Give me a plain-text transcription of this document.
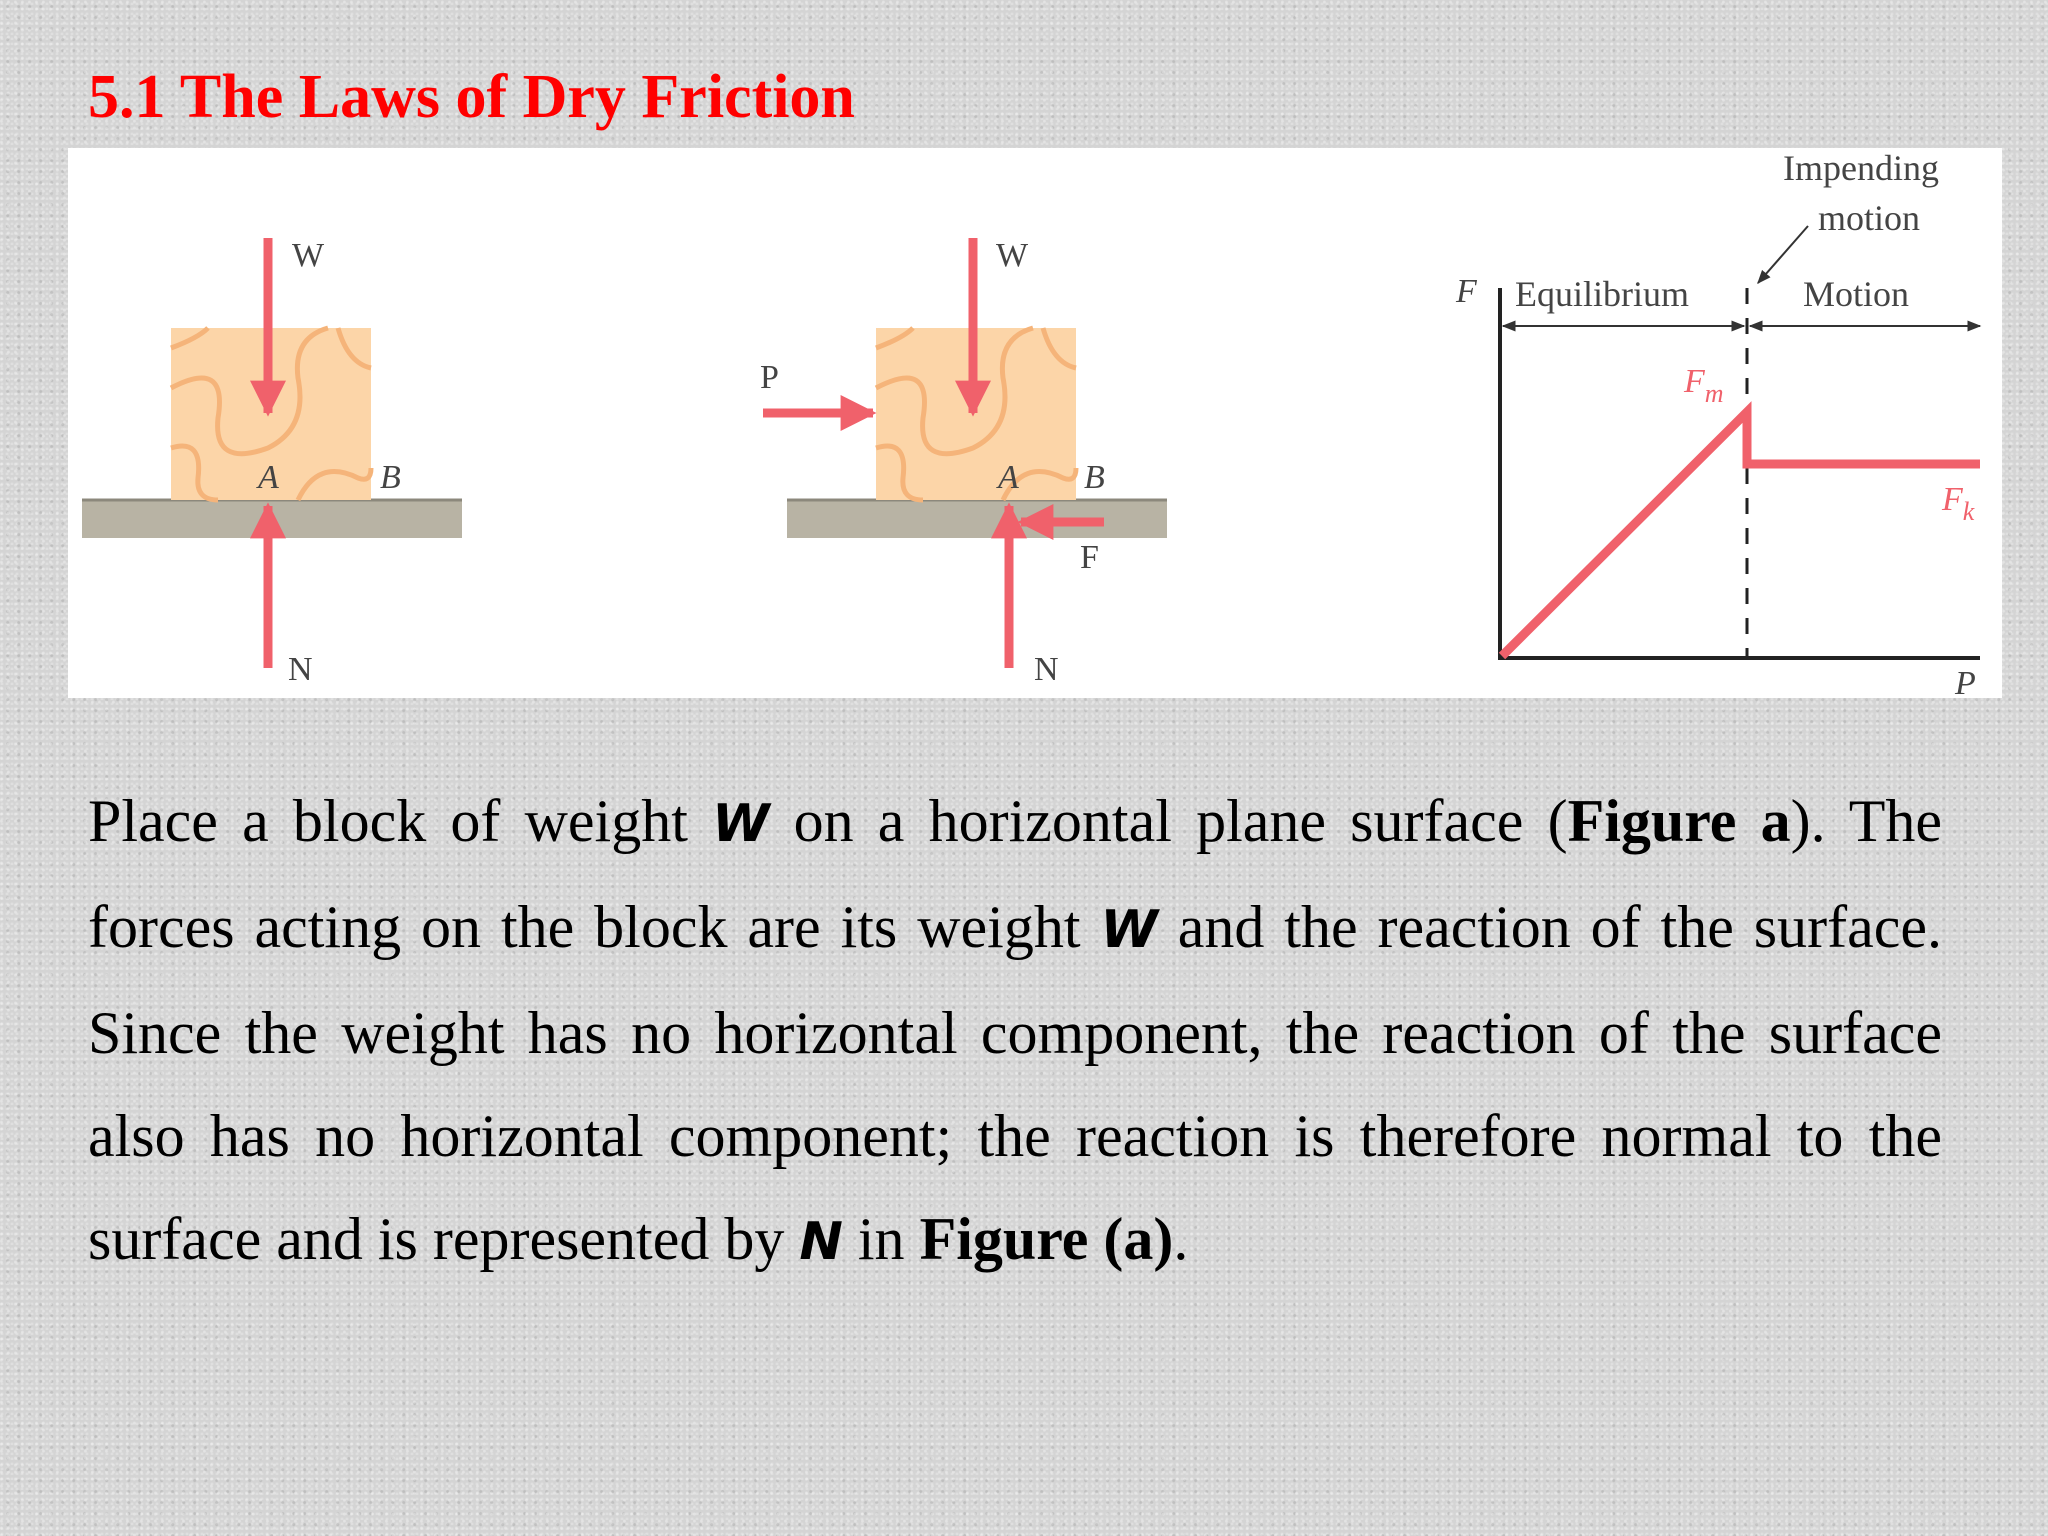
5.1 The Laws of Dry Friction
W
A	B
N
W
P
A B
F
N
F
P
Equilibrium	Motion
Impending
motion
$F_m$
$F_k$

Place a block of weight W on a horizontal plane surface (Figure a). The forces acting on the block are its weight W and the reaction of the surface. Since the weight has no horizontal component, the reaction of the surface also has no horizontal component; the reaction is therefore normal to the surface and is represented by N in Figure (a).
